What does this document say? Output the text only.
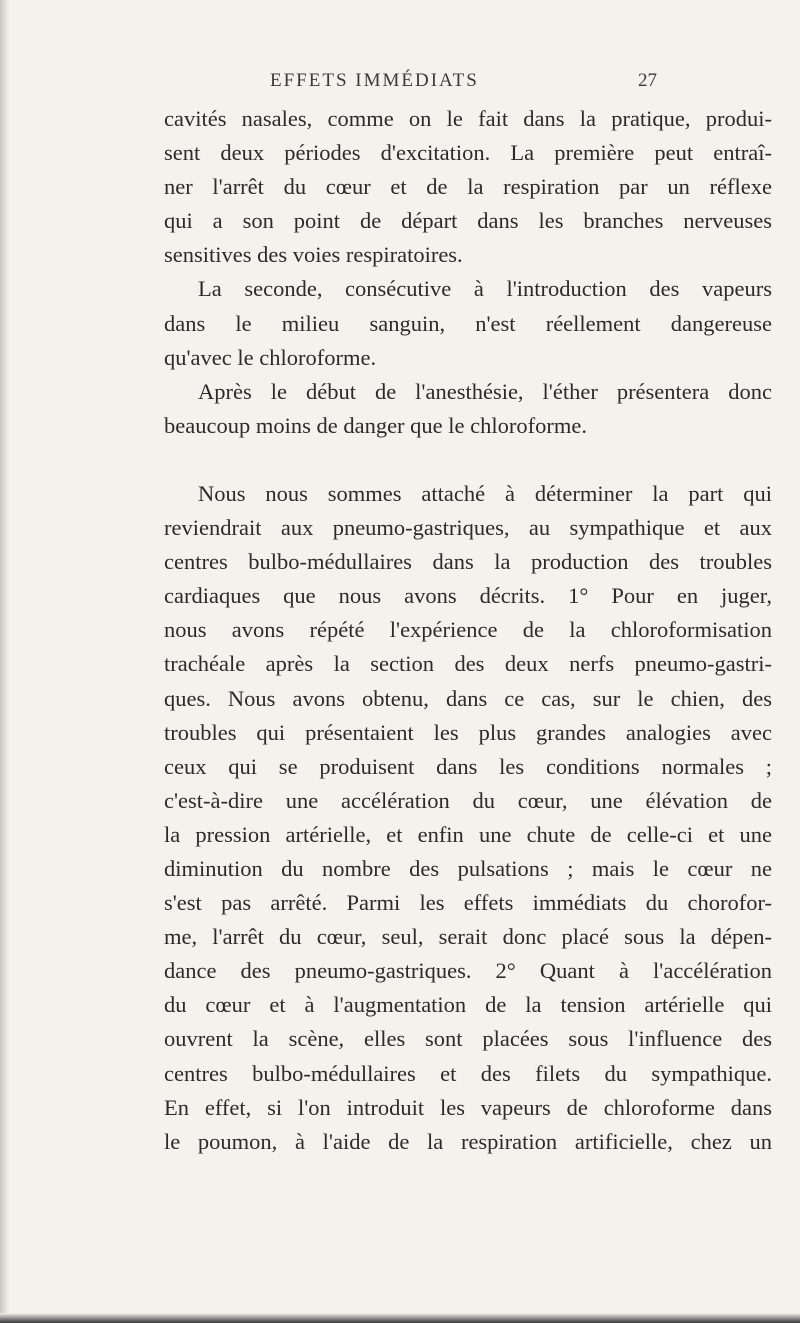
EFFETS IMMÉDIATS	27
cavités nasales, comme on le fait dans la pratique, produi-
sent deux périodes d'excitation. La première peut entraî-
ner l'arrêt du cœur et de la respiration par un réflexe
qui a son point de départ dans les branches nerveuses
sensitives des voies respiratoires.
La seconde, consécutive à l'introduction des vapeurs
dans le milieu sanguin, n'est réellement dangereuse
qu'avec le chloroforme.
Après le début de l'anesthésie, l'éther présentera donc
beaucoup moins de danger que le chloroforme.
Nous nous sommes attaché à déterminer la part qui
reviendrait aux pneumo-gastriques, au sympathique et aux
centres bulbo-médullaires dans la production des troubles
cardiaques que nous avons décrits. 1° Pour en juger,
nous avons répété l'expérience de la chloroformisation
trachéale après la section des deux nerfs pneumo-gastri-
ques. Nous avons obtenu, dans ce cas, sur le chien, des
troubles qui présentaient les plus grandes analogies avec
ceux qui se produisent dans les conditions normales ;
c'est-à-dire une accélération du cœur, une élévation de
la pression artérielle, et enfin une chute de celle-ci et une
diminution du nombre des pulsations ; mais le cœur ne
s'est pas arrêté. Parmi les effets immédiats du chorofor-
me, l'arrêt du cœur, seul, serait donc placé sous la dépen-
dance des pneumo-gastriques. 2° Quant à l'accélération
du cœur et à l'augmentation de la tension artérielle qui
ouvrent la scène, elles sont placées sous l'influence des
centres bulbo-médullaires et des filets du sympathique.
En effet, si l'on introduit les vapeurs de chloroforme dans
le poumon, à l'aide de la respiration artificielle, chez un
